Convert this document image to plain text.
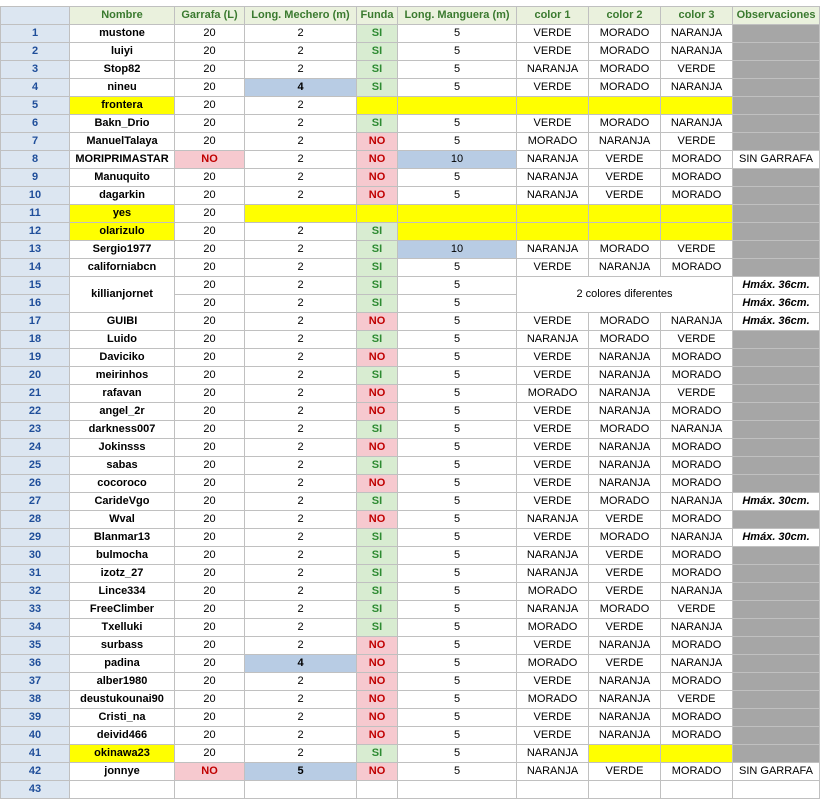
	Nombre	Garrafa (L)	Long. Mechero (m)	Funda	Long. Manguera (m)	color 1	color 2	color 3	Observaciones
1	mustone	20	2	SI	5	VERDE	MORADO	NARANJA	
2	luiyi	20	2	SI	5	VERDE	MORADO	NARANJA	
3	Stop82	20	2	SI	5	NARANJA	MORADO	VERDE	
4	nineu	20	4	SI	5	VERDE	MORADO	NARANJA	
5	frontera	20	2						
6	Bakn_Drio	20	2	SI	5	VERDE	MORADO	NARANJA	
7	ManuelTalaya	20	2	NO	5	MORADO	NARANJA	VERDE	
8	MORIPRIMASTAR	NO	2	NO	10	NARANJA	VERDE	MORADO	SIN GARRAFA
9	Manuquito	20	2	NO	5	NARANJA	VERDE	MORADO	
10	dagarkin	20	2	NO	5	NARANJA	VERDE	MORADO	
11	yes	20							
12	olarizulo	20	2	SI					
13	Sergio1977	20	2	SI	10	NARANJA	MORADO	VERDE	
14	californiabcn	20	2	SI	5	VERDE	NARANJA	MORADO	
15	killianjornet	20	2	SI	5	2 colores diferentes			Hmáx. 36cm.
16		20	2	SI	5				Hmáx. 36cm.
17	GUIBI	20	2	NO	5	VERDE	MORADO	NARANJA	Hmáx. 36cm.
18	Luido	20	2	SI	5	NARANJA	MORADO	VERDE	
19	Daviciko	20	2	NO	5	VERDE	NARANJA	MORADO	
20	meirinhos	20	2	SI	5	VERDE	NARANJA	MORADO	
21	rafavan	20	2	NO	5	MORADO	NARANJA	VERDE	
22	angel_2r	20	2	NO	5	VERDE	NARANJA	MORADO	
23	darkness007	20	2	SI	5	VERDE	MORADO	NARANJA	
24	Jokinsss	20	2	NO	5	VERDE	NARANJA	MORADO	
25	sabas	20	2	SI	5	VERDE	NARANJA	MORADO	
26	cocoroco	20	2	NO	5	VERDE	NARANJA	MORADO	
27	CarideVgo	20	2	SI	5	VERDE	MORADO	NARANJA	Hmáx. 30cm.
28	Wval	20	2	NO	5	NARANJA	VERDE	MORADO	
29	Blanmar13	20	2	SI	5	VERDE	MORADO	NARANJA	Hmáx. 30cm.
30	bulmocha	20	2	SI	5	NARANJA	VERDE	MORADO	
31	izotz_27	20	2	SI	5	NARANJA	VERDE	MORADO	
32	Lince334	20	2	SI	5	MORADO	VERDE	NARANJA	
33	FreeClimber	20	2	SI	5	NARANJA	MORADO	VERDE	
34	Txelluki	20	2	SI	5	MORADO	VERDE	NARANJA	
35	surbass	20	2	NO	5	VERDE	NARANJA	MORADO	
36	padina	20	4	NO	5	MORADO	VERDE	NARANJA	
37	alber1980	20	2	NO	5	VERDE	NARANJA	MORADO	
38	deustukounai90	20	2	NO	5	MORADO	NARANJA	VERDE	
39	Cristi_na	20	2	NO	5	VERDE	NARANJA	MORADO	
40	deivid466	20	2	NO	5	VERDE	NARANJA	MORADO	
41	okinawa23	20	2	SI	5	NARANJA			
42	jonnye	NO	5	NO	5	NARANJA	VERDE	MORADO	SIN GARRAFA
43									
